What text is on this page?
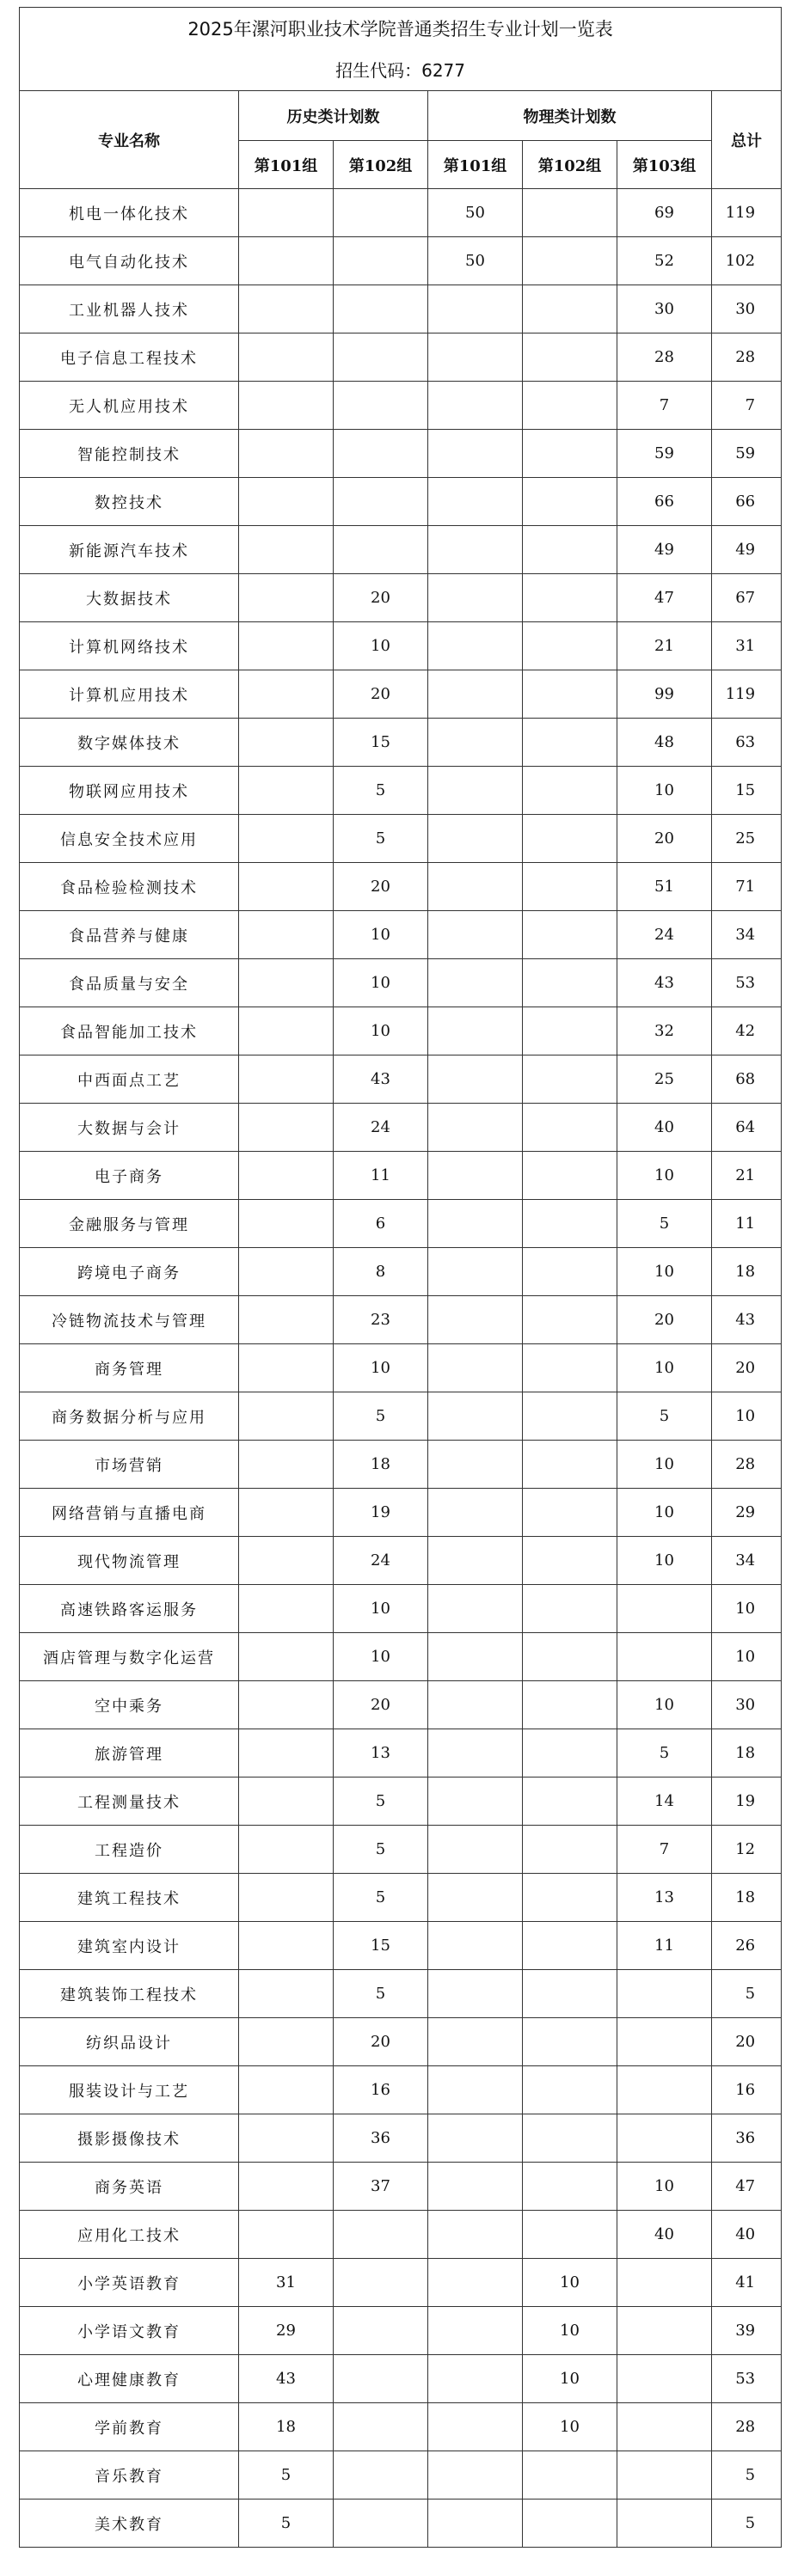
2025年漯河职业技术学院普通类招生专业计划一览表						
招生代码：6277						
专业名称	历史类计划数		物理类计划数			总计
	第101组	第102组	第101组	第102组	第103组	
机电一体化技术			50		69	119
电气自动化技术			50		52	102
工业机器人技术					30	30
电子信息工程技术					28	28
无人机应用技术					7	7
智能控制技术					59	59
数控技术					66	66
新能源汽车技术					49	49
大数据技术		20			47	67
计算机网络技术		10			21	31
计算机应用技术		20			99	119
数字媒体技术		15			48	63
物联网应用技术		5			10	15
信息安全技术应用		5			20	25
食品检验检测技术		20			51	71
食品营养与健康		10			24	34
食品质量与安全		10			43	53
食品智能加工技术		10			32	42
中西面点工艺		43			25	68
大数据与会计		24			40	64
电子商务		11			10	21
金融服务与管理		6			5	11
跨境电子商务		8			10	18
冷链物流技术与管理		23			20	43
商务管理		10			10	20
商务数据分析与应用		5			5	10
市场营销		18			10	28
网络营销与直播电商		19			10	29
现代物流管理		24			10	34
高速铁路客运服务		10				10
酒店管理与数字化运营		10				10
空中乘务		20			10	30
旅游管理		13			5	18
工程测量技术		5			14	19
工程造价		5			7	12
建筑工程技术		5			13	18
建筑室内设计		15			11	26
建筑装饰工程技术		5				5
纺织品设计		20				20
服装设计与工艺		16				16
摄影摄像技术		36				36
商务英语		37			10	47
应用化工技术					40	40
小学英语教育	31			10		41
小学语文教育	29			10		39
心理健康教育	43			10		53
学前教育	18			10		28
音乐教育	5					5
美术教育	5					5
